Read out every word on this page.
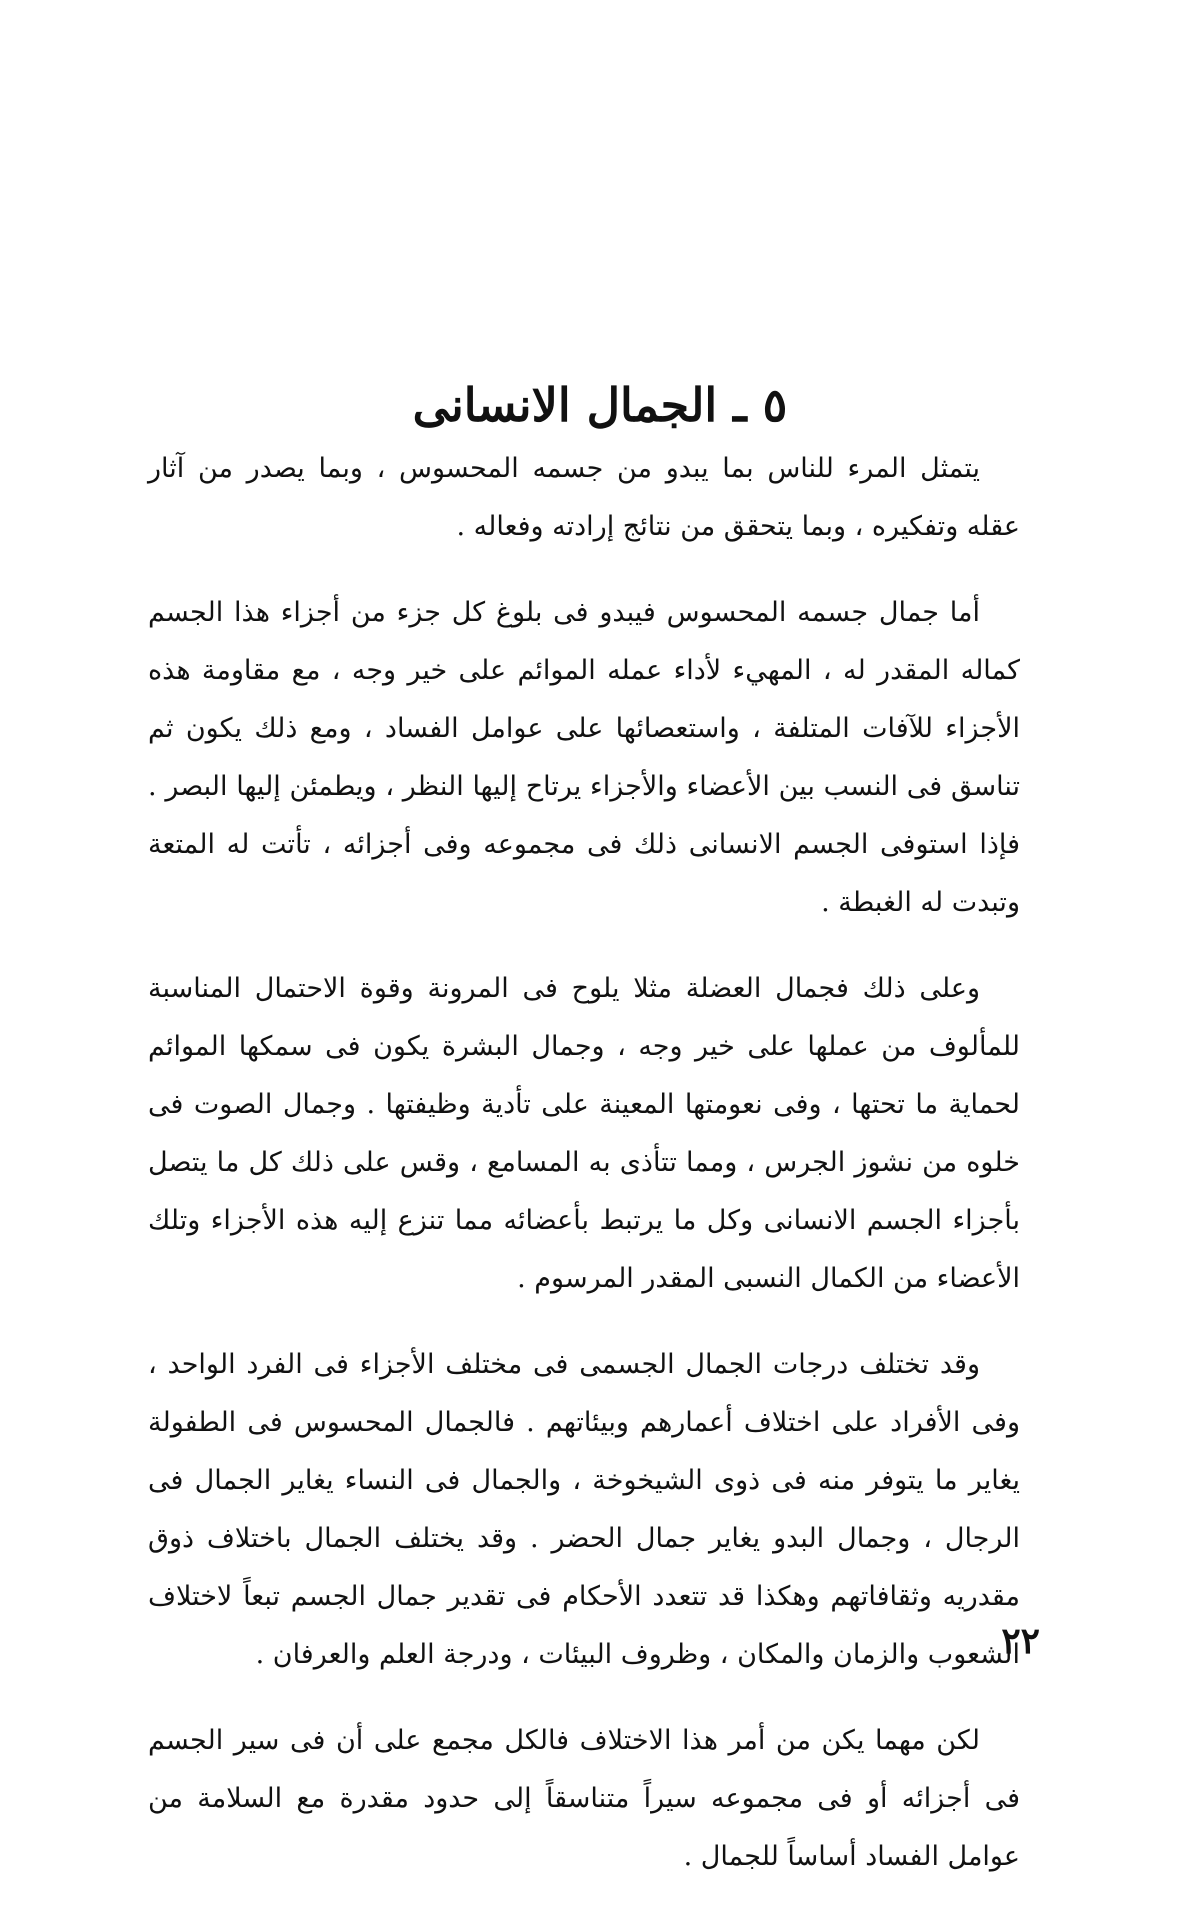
٥ ـ الجمال الانسانى

يتمثل المرء للناس بما يبدو من جسمه المحسوس ، وبما يصدر من آثار عقله وتفكيره ، وبما يتحقق من نتائج إرادته وفعاله .

أما جمال جسمه المحسوس فيبدو فى بلوغ كل جزء من أجزاء هذا الجسم كماله المقدر له ، المهيء لأداء عمله الموائم على خير وجه ، مع مقاومة هذه الأجزاء للآفات المتلفة ، واستعصائها على عوامل الفساد ، ومع ذلك يكون ثم تناسق فى النسب بين الأعضاء والأجزاء يرتاح إليها النظر ، ويطمئن إليها البصر . فإذا استوفى الجسم الانسانى ذلك فى مجموعه وفى أجزائه ، تأتت له المتعة وتبدت له الغبطة .

وعلى ذلك فجمال العضلة مثلا يلوح فى المرونة وقوة الاحتمال المناسبة للمألوف من عملها على خير وجه ، وجمال البشرة يكون فى سمكها الموائم لحماية ما تحتها ، وفى نعومتها المعينة على تأدية وظيفتها . وجمال الصوت فى خلوه من نشوز الجرس ، ومما تتأذى به المسامع ، وقس على ذلك كل ما يتصل بأجزاء الجسم الانسانى وكل ما يرتبط بأعضائه مما تنزع إليه هذه الأجزاء وتلك الأعضاء من الكمال النسبى المقدر المرسوم .

وقد تختلف درجات الجمال الجسمى فى مختلف الأجزاء فى الفرد الواحد ، وفى الأفراد على اختلاف أعمارهم وبيئاتهم . فالجمال المحسوس فى الطفولة يغاير ما يتوفر منه فى ذوى الشيخوخة ، والجمال فى النساء يغاير الجمال فى الرجال ، وجمال البدو يغاير جمال الحضر . وقد يختلف الجمال باختلاف ذوق مقدريه وثقافاتهم وهكذا قد تتعدد الأحكام فى تقدير جمال الجسم تبعاً لاختلاف الشعوب والزمان والمكان ، وظروف البيئات ، ودرجة العلم والعرفان .

لكن مهما يكن من أمر هذا الاختلاف فالكل مجمع على أن فى سير الجسم فى أجزائه أو فى مجموعه سيراً متناسقاً إلى حدود مقدرة مع السلامة من عوامل الفساد أساساً للجمال .

٢٢
